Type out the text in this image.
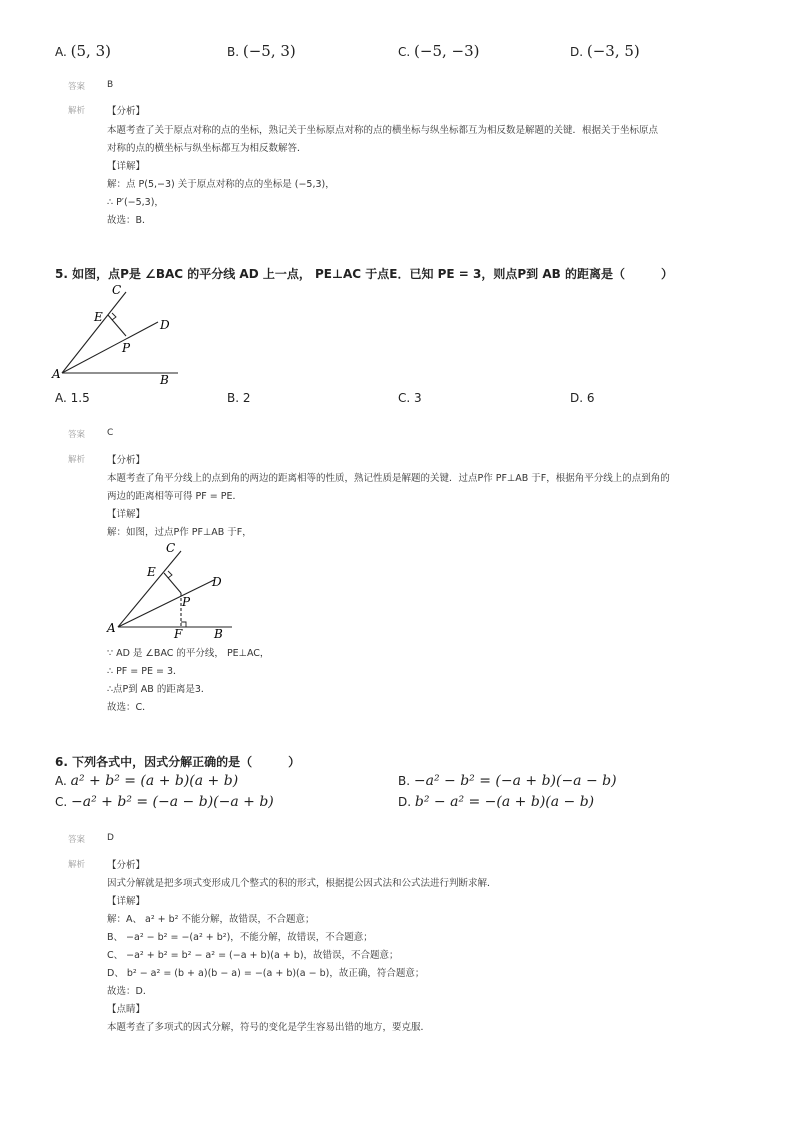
A. (5, 3)	B. (−5, 3)	C. (−5, −3)	D. (−3, 5)
答案 B
解析 【分析】
本题考查了关于原点对称的点的坐标，熟记关于坐标原点对称的点的横坐标与纵坐标都互为相反数是解题的关键．根据关于坐标原点
对称的点的横坐标与纵坐标都互为相反数解答．
【详解】
解：点 P(5,−3) 关于原点对称的点的坐标是 (−5,3)，
∴ P′(−5,3)，
故选：B．
5. 如图，点P是 ∠BAC 的平分线 AD 上一点， PE⊥AC 于点E．已知 PE = 3，则点P到 AB 的距离是（　　　）
A	B
C
D
E
P
A. 1.5	B. 2	C. 3	D. 6
答案 C
解析 【分析】
本题考查了角平分线上的点到角的两边的距离相等的性质，熟记性质是解题的关键．过点P作 PF⊥AB 于F，根据角平分线上的点到角的
两边的距离相等可得 PF = PE．
【详解】
解：如图，过点P作 PF⊥AB 于F，
A	B
C
D
E
P
F
∵ AD 是 ∠BAC 的平分线， PE⊥AC，
∴ PF = PE = 3．
∴点P到 AB 的距离是3．
故选：C．
6. 下列各式中，因式分解正确的是（　　　）
A. a² + b² = (a + b)(a + b)	B. −a² − b² = (−a + b)(−a − b)
C. −a² + b² = (−a − b)(−a + b)	D. b² − a² = −(a + b)(a − b)
答案 D
解析 【分析】
因式分解就是把多项式变形成几个整式的积的形式，根据提公因式法和公式法进行判断求解．
【详解】
解：A、 a² + b² 不能分解，故错误，不合题意；
B、 −a² − b² = −(a² + b²)，不能分解，故错误，不合题意；
C、 −a² + b² = b² − a² = (−a + b)(a + b)，故错误，不合题意；
D、 b² − a² = (b + a)(b − a) = −(a + b)(a − b)，故正确，符合题意；
故选：D．
【点睛】
本题考查了多项式的因式分解，符号的变化是学生容易出错的地方，要克服．
